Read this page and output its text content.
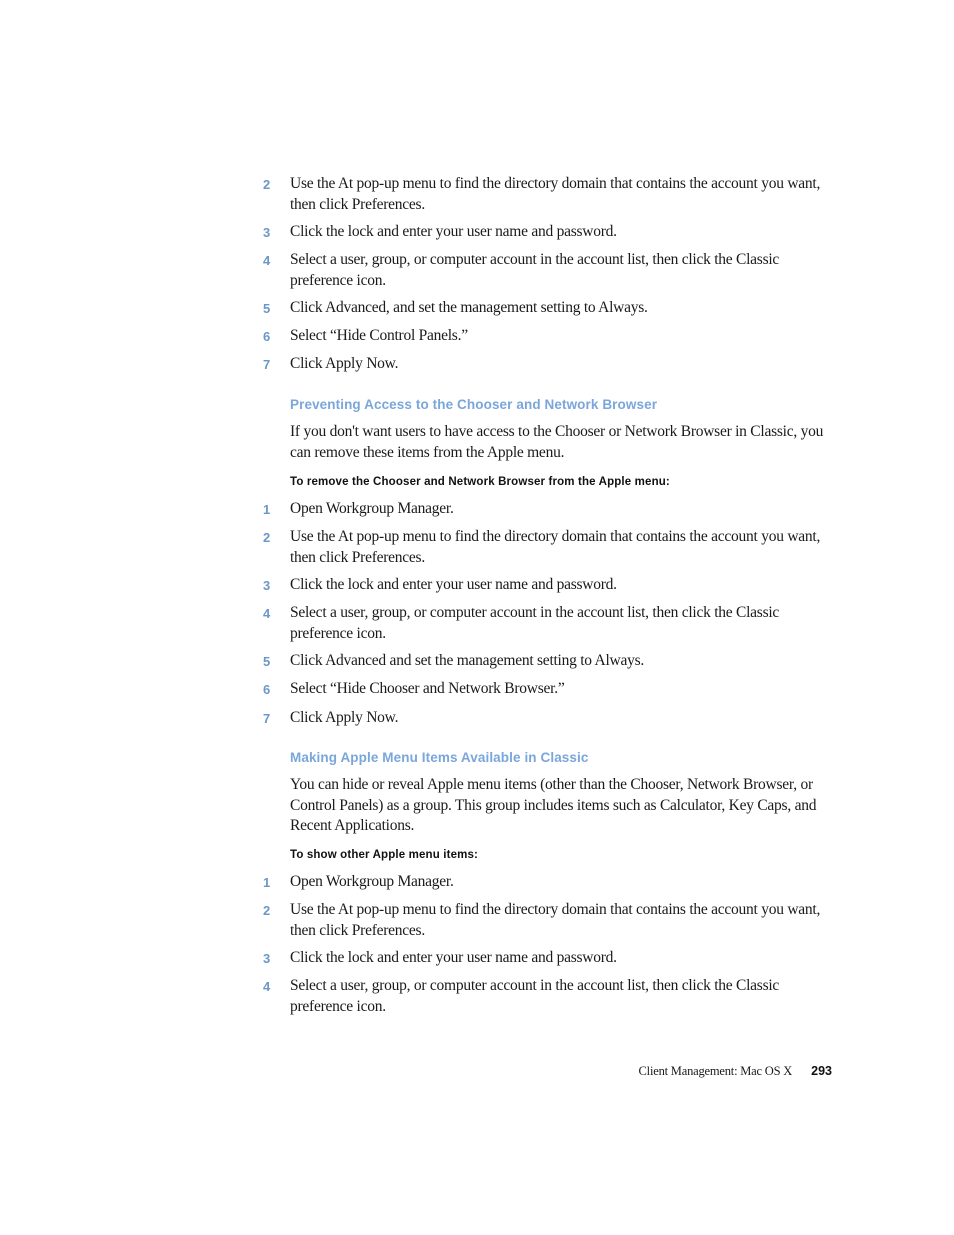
2	Use the At pop-up menu to find the directory domain that contains the account you want, then click Preferences.
3	Click the lock and enter your user name and password.
4	Select a user, group, or computer account in the account list, then click the Classic preference icon.
5	Click Advanced, and set the management setting to Always.
6	Select “Hide Control Panels.”
7	Click Apply Now.
Preventing Access to the Chooser and Network Browser
If you don't want users to have access to the Chooser or Network Browser in Classic, you can remove these items from the Apple menu.
To remove the Chooser and Network Browser from the Apple menu:
1	Open Workgroup Manager.
2	Use the At pop-up menu to find the directory domain that contains the account you want, then click Preferences.
3	Click the lock and enter your user name and password.
4	Select a user, group, or computer account in the account list, then click the Classic preference icon.
5	Click Advanced and set the management setting to Always.
6	Select “Hide Chooser and Network Browser.”
7	Click Apply Now.
Making Apple Menu Items Available in Classic
You can hide or reveal Apple menu items (other than the Chooser, Network Browser, or Control Panels) as a group. This group includes items such as Calculator, Key Caps, and Recent Applications.
To show other Apple menu items:
1	Open Workgroup Manager.
2	Use the At pop-up menu to find the directory domain that contains the account you want, then click Preferences.
3	Click the lock and enter your user name and password.
4	Select a user, group, or computer account in the account list, then click the Classic preference icon.
Client Management: Mac OS X 293
